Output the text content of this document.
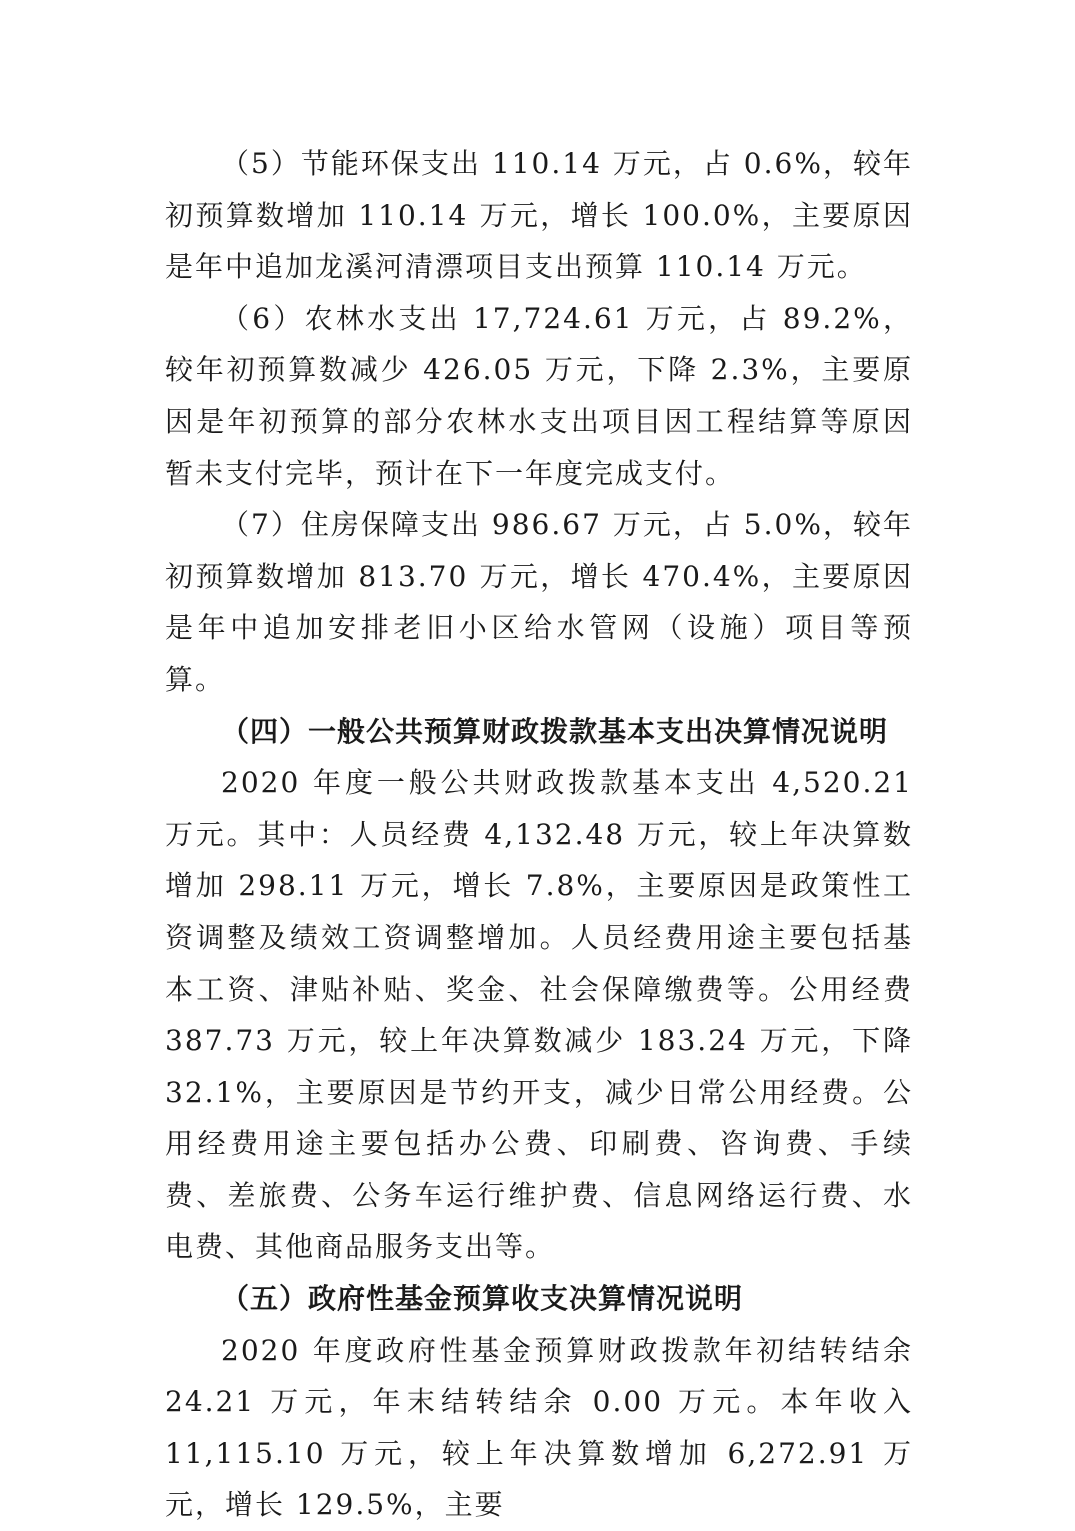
（5）节能环保支出 110.14 万元，占 0.6%，较年初预算数增加 110.14 万元，增长 100.0%，主要原因是年中追加龙溪河清漂项目支出预算 110.14 万元。

（6）农林水支出 17,724.61 万元，占 89.2%，较年初预算数减少 426.05 万元，下降 2.3%，主要原因是年初预算的部分农林水支出项目因工程结算等原因暂未支付完毕，预计在下一年度完成支付。

（7）住房保障支出 986.67 万元，占 5.0%，较年初预算数增加 813.70 万元，增长 470.4%，主要原因是年中追加安排老旧小区给水管网（设施）项目等预算。

（四）一般公共预算财政拨款基本支出决算情况说明

2020 年度一般公共财政拨款基本支出 4,520.21 万元。其中：人员经费 4,132.48 万元，较上年决算数增加 298.11 万元，增长 7.8%，主要原因是政策性工资调整及绩效工资调整增加。人员经费用途主要包括基本工资、津贴补贴、奖金、社会保障缴费等。公用经费 387.73 万元，较上年决算数减少 183.24 万元，下降 32.1%，主要原因是节约开支，减少日常公用经费。公用经费用途主要包括办公费、印刷费、咨询费、手续费、差旅费、公务车运行维护费、信息网络运行费、水电费、其他商品服务支出等。

（五）政府性基金预算收支决算情况说明

2020 年度政府性基金预算财政拨款年初结转结余 24.21 万元，年末结转结余 0.00 万元。本年收入 11,115.10 万元，较上年决算数增加 6,272.91 万元，增长 129.5%，主要
